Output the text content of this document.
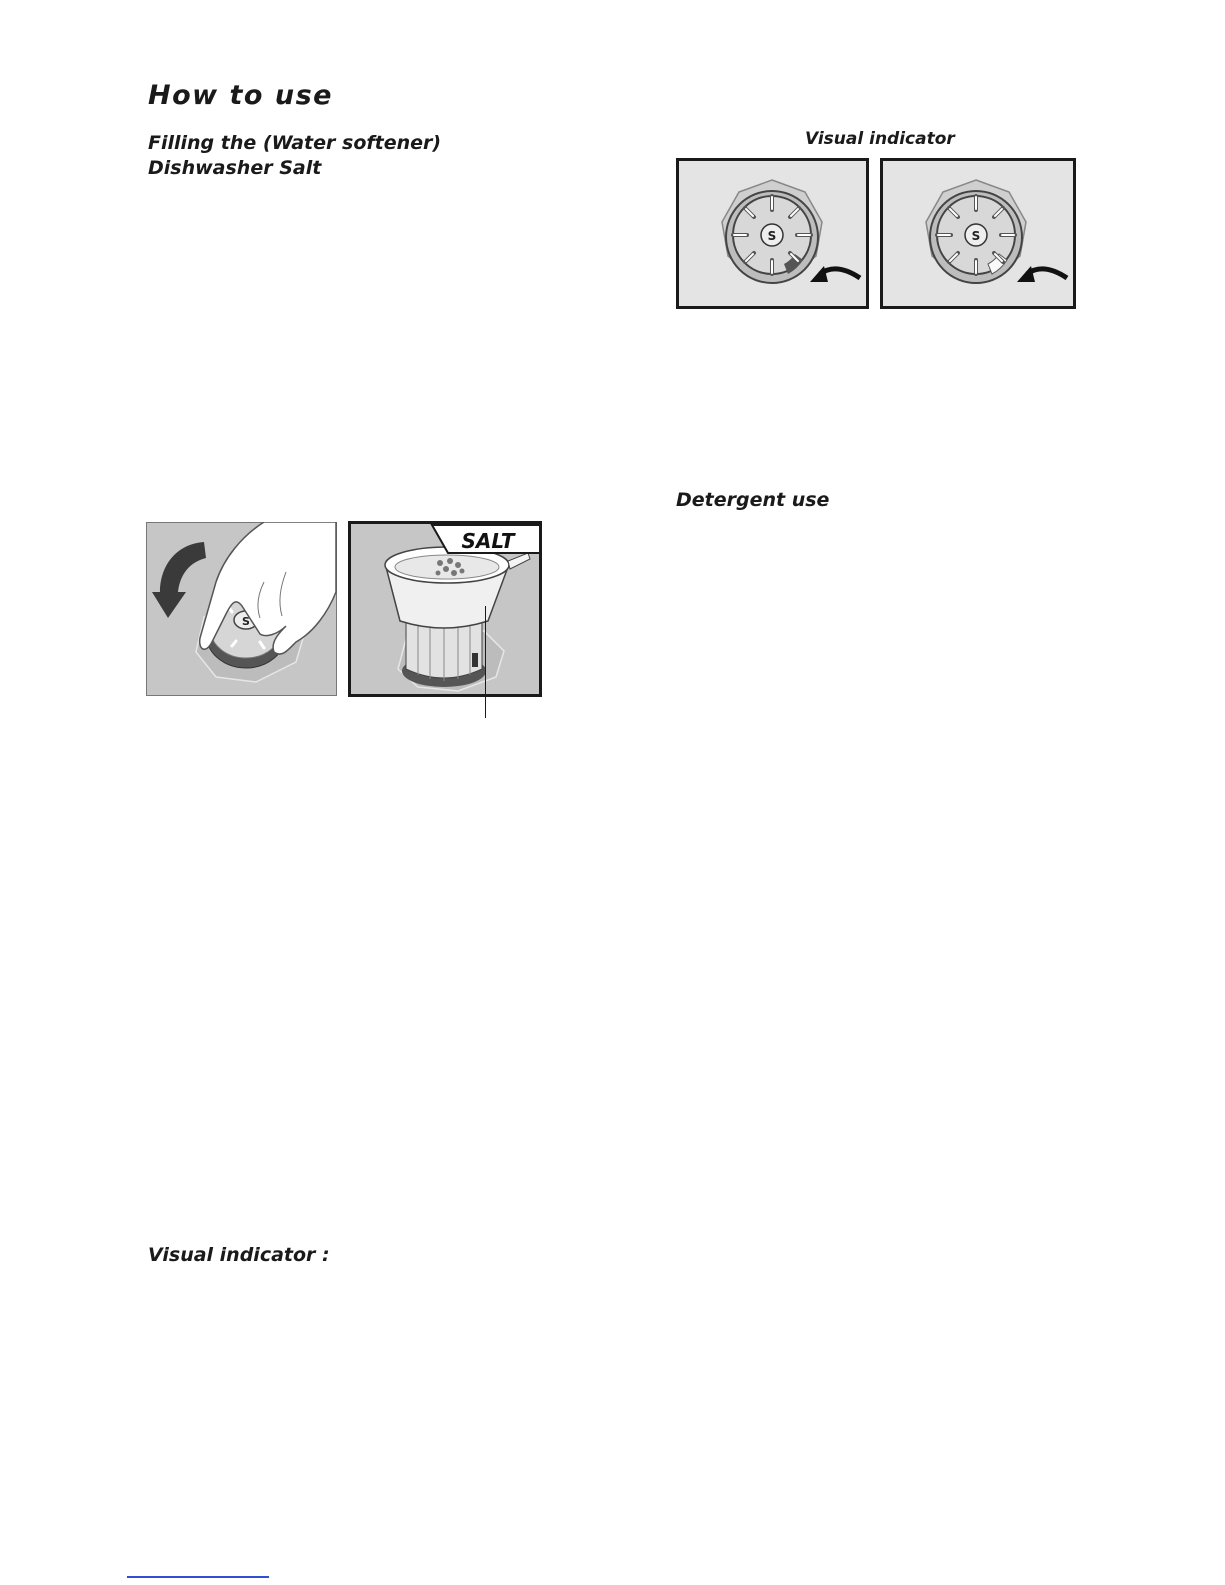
How to use
Filling the (Water softener)
Dishwasher Salt
Visual indicator
Detergent use
Visual indicator :
S	S
S
SALT
